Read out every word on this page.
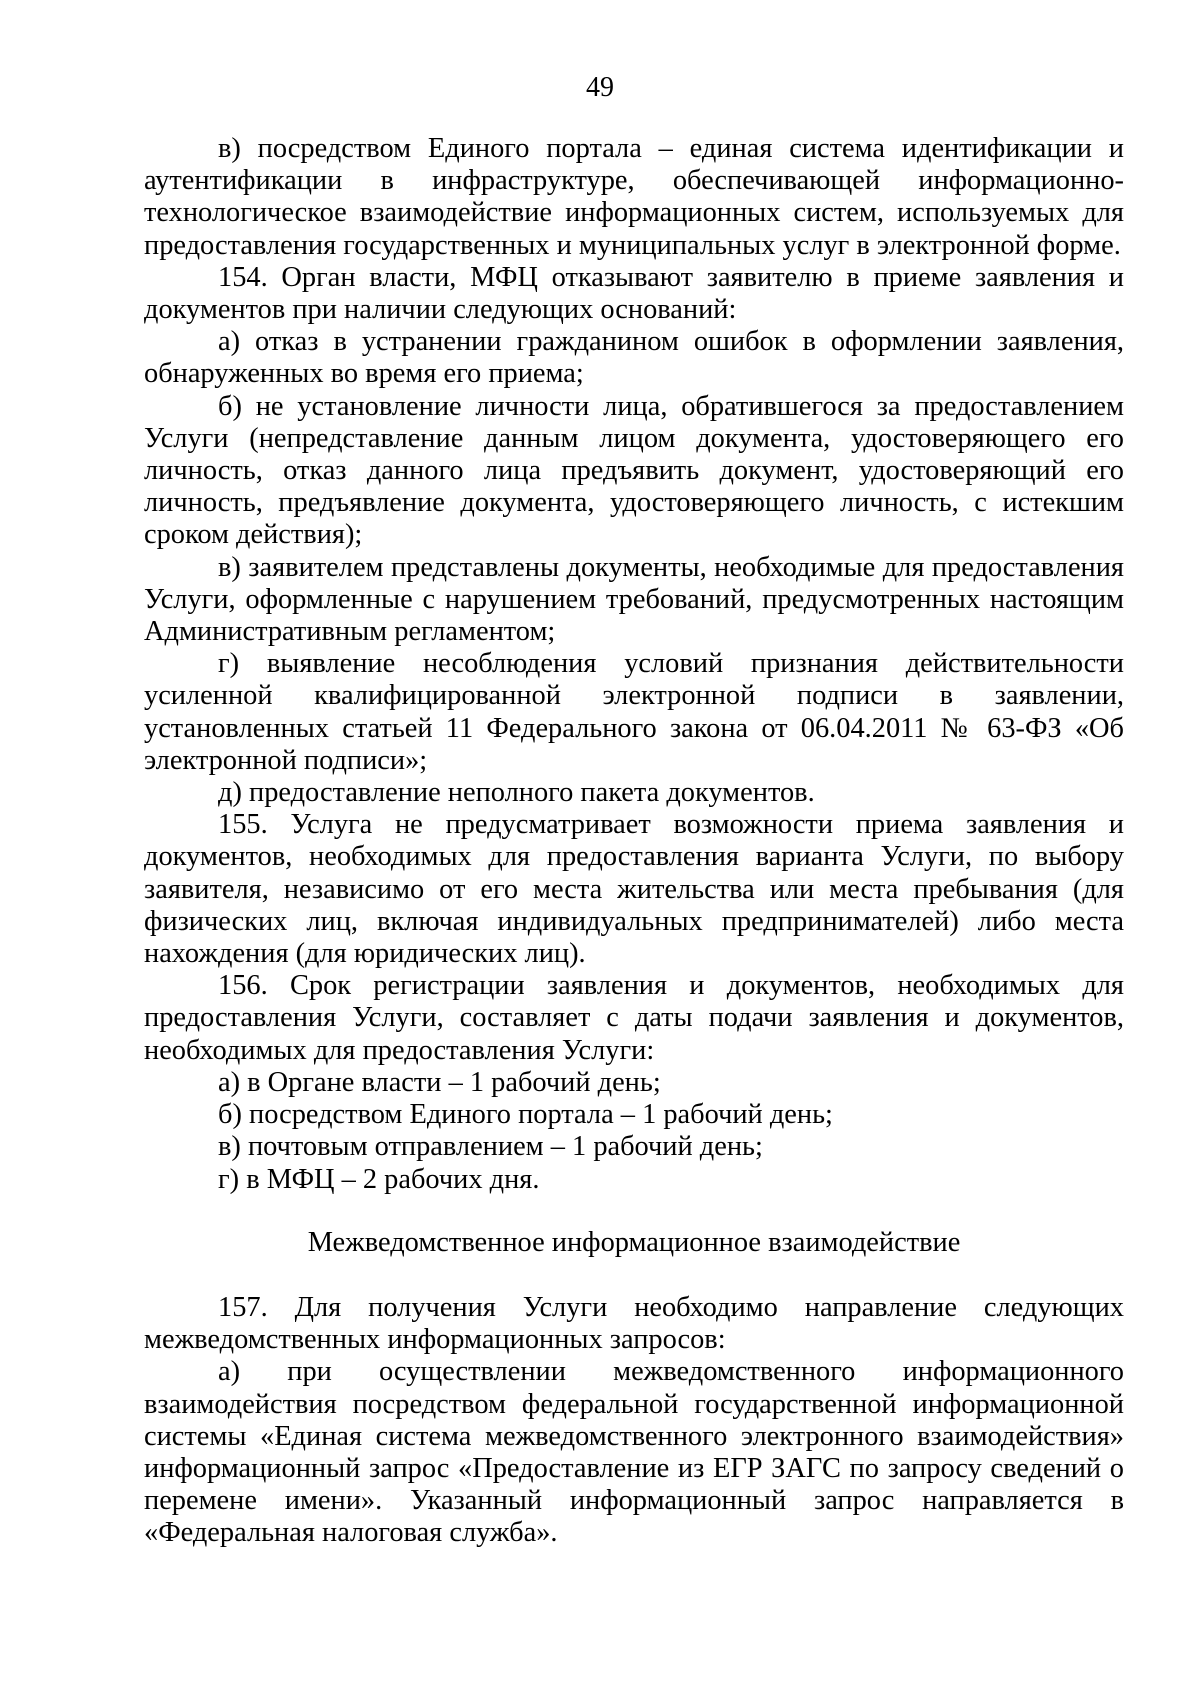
49

в) посредством Единого портала – единая система идентификации и аутентификации в инфраструктуре, обеспечивающей информационно-технологическое взаимодействие информационных систем, используемых для предоставления государственных и муниципальных услуг в электронной форме.

154. Орган власти, МФЦ отказывают заявителю в приеме заявления и документов при наличии следующих оснований:

а) отказ в устранении гражданином ошибок в оформлении заявления, обнаруженных во время его приема;

б) не установление личности лица, обратившегося за предоставлением Услуги (непредставление данным лицом документа, удостоверяющего его личность, отказ данного лица предъявить документ, удостоверяющий его личность, предъявление документа, удостоверяющего личность, с истекшим сроком действия);

в) заявителем представлены документы, необходимые для предоставления Услуги, оформленные с нарушением требований, предусмотренных настоящим Административным регламентом;

г) выявление несоблюдения условий признания действительности усиленной квалифицированной электронной подписи в заявлении, установленных статьей 11 Федерального закона от 06.04.2011 № 63-ФЗ «Об электронной подписи»;

д) предоставление неполного пакета документов.

155. Услуга не предусматривает возможности приема заявления и документов, необходимых для предоставления варианта Услуги, по выбору заявителя, независимо от его места жительства или места пребывания (для физических лиц, включая индивидуальных предпринимателей) либо места нахождения (для юридических лиц).

156. Срок регистрации заявления и документов, необходимых для предоставления Услуги, составляет с даты подачи заявления и документов, необходимых для предоставления Услуги:

а) в Органе власти – 1 рабочий день;

б) посредством Единого портала – 1 рабочий день;

в) почтовым отправлением – 1 рабочий день;

г) в МФЦ – 2 рабочих дня.

Межведомственное информационное взаимодействие

157. Для получения Услуги необходимо направление следующих межведомственных информационных запросов:

а) при осуществлении межведомственного информационного взаимодействия посредством федеральной государственной информационной системы «Единая система межведомственного электронного взаимодействия» информационный запрос «Предоставление из ЕГР ЗАГС по запросу сведений о перемене имени». Указанный информационный запрос направляется в «Федеральная налоговая служба».
